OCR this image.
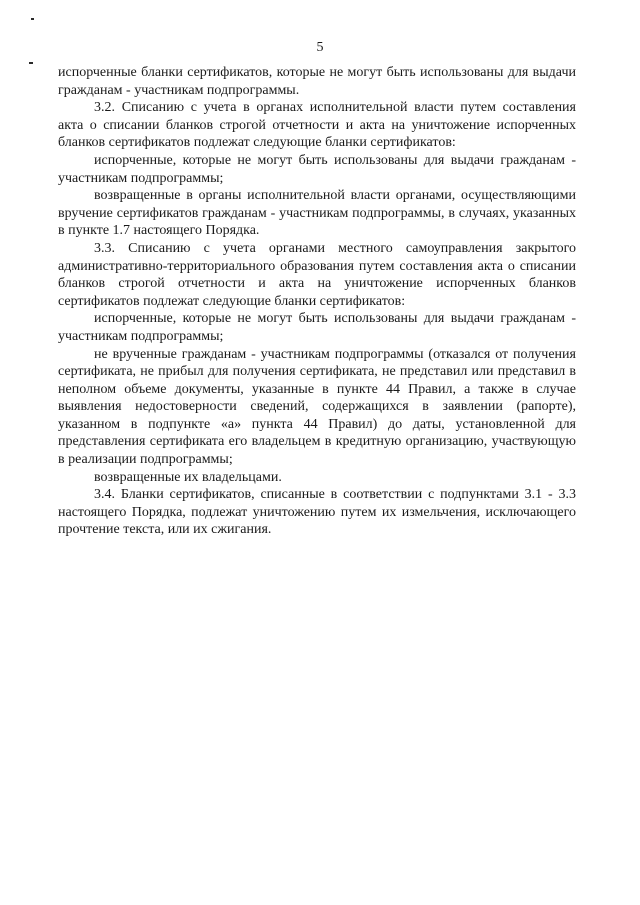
5

испорченные бланки сертификатов, которые не могут быть использованы для выдачи гражданам - участникам подпрограммы.

3.2. Списанию с учета в органах исполнительной власти путем составления акта о списании бланков строгой отчетности и акта на уничтожение испорченных бланков сертификатов подлежат следующие бланки сертификатов:

испорченные, которые не могут быть использованы для выдачи гражданам - участникам подпрограммы;

возвращенные в органы исполнительной власти органами, осуществляющими вручение сертификатов гражданам - участникам подпрограммы, в случаях, указанных в пункте 1.7 настоящего Порядка.

3.3. Списанию с учета органами местного самоуправления закрытого административно-территориального образования путем составления акта о списании бланков строгой отчетности и акта на уничтожение испорченных бланков сертификатов подлежат следующие бланки сертификатов:

испорченные, которые не могут быть использованы для выдачи гражданам - участникам подпрограммы;

не врученные гражданам - участникам подпрограммы (отказался от получения сертификата, не прибыл для получения сертификата, не представил или представил в неполном объеме документы, указанные в пункте 44 Правил, а также в случае выявления недостоверности сведений, содержащихся в заявлении (рапорте), указанном в подпункте «а» пункта 44 Правил) до даты, установленной для представления сертификата его владельцем в кредитную организацию, участвующую в реализации подпрограммы;

возвращенные их владельцами.

3.4. Бланки сертификатов, списанные в соответствии с подпунктами 3.1 - 3.3 настоящего Порядка, подлежат уничтожению путем их измельчения, исключающего прочтение текста, или их сжигания.
